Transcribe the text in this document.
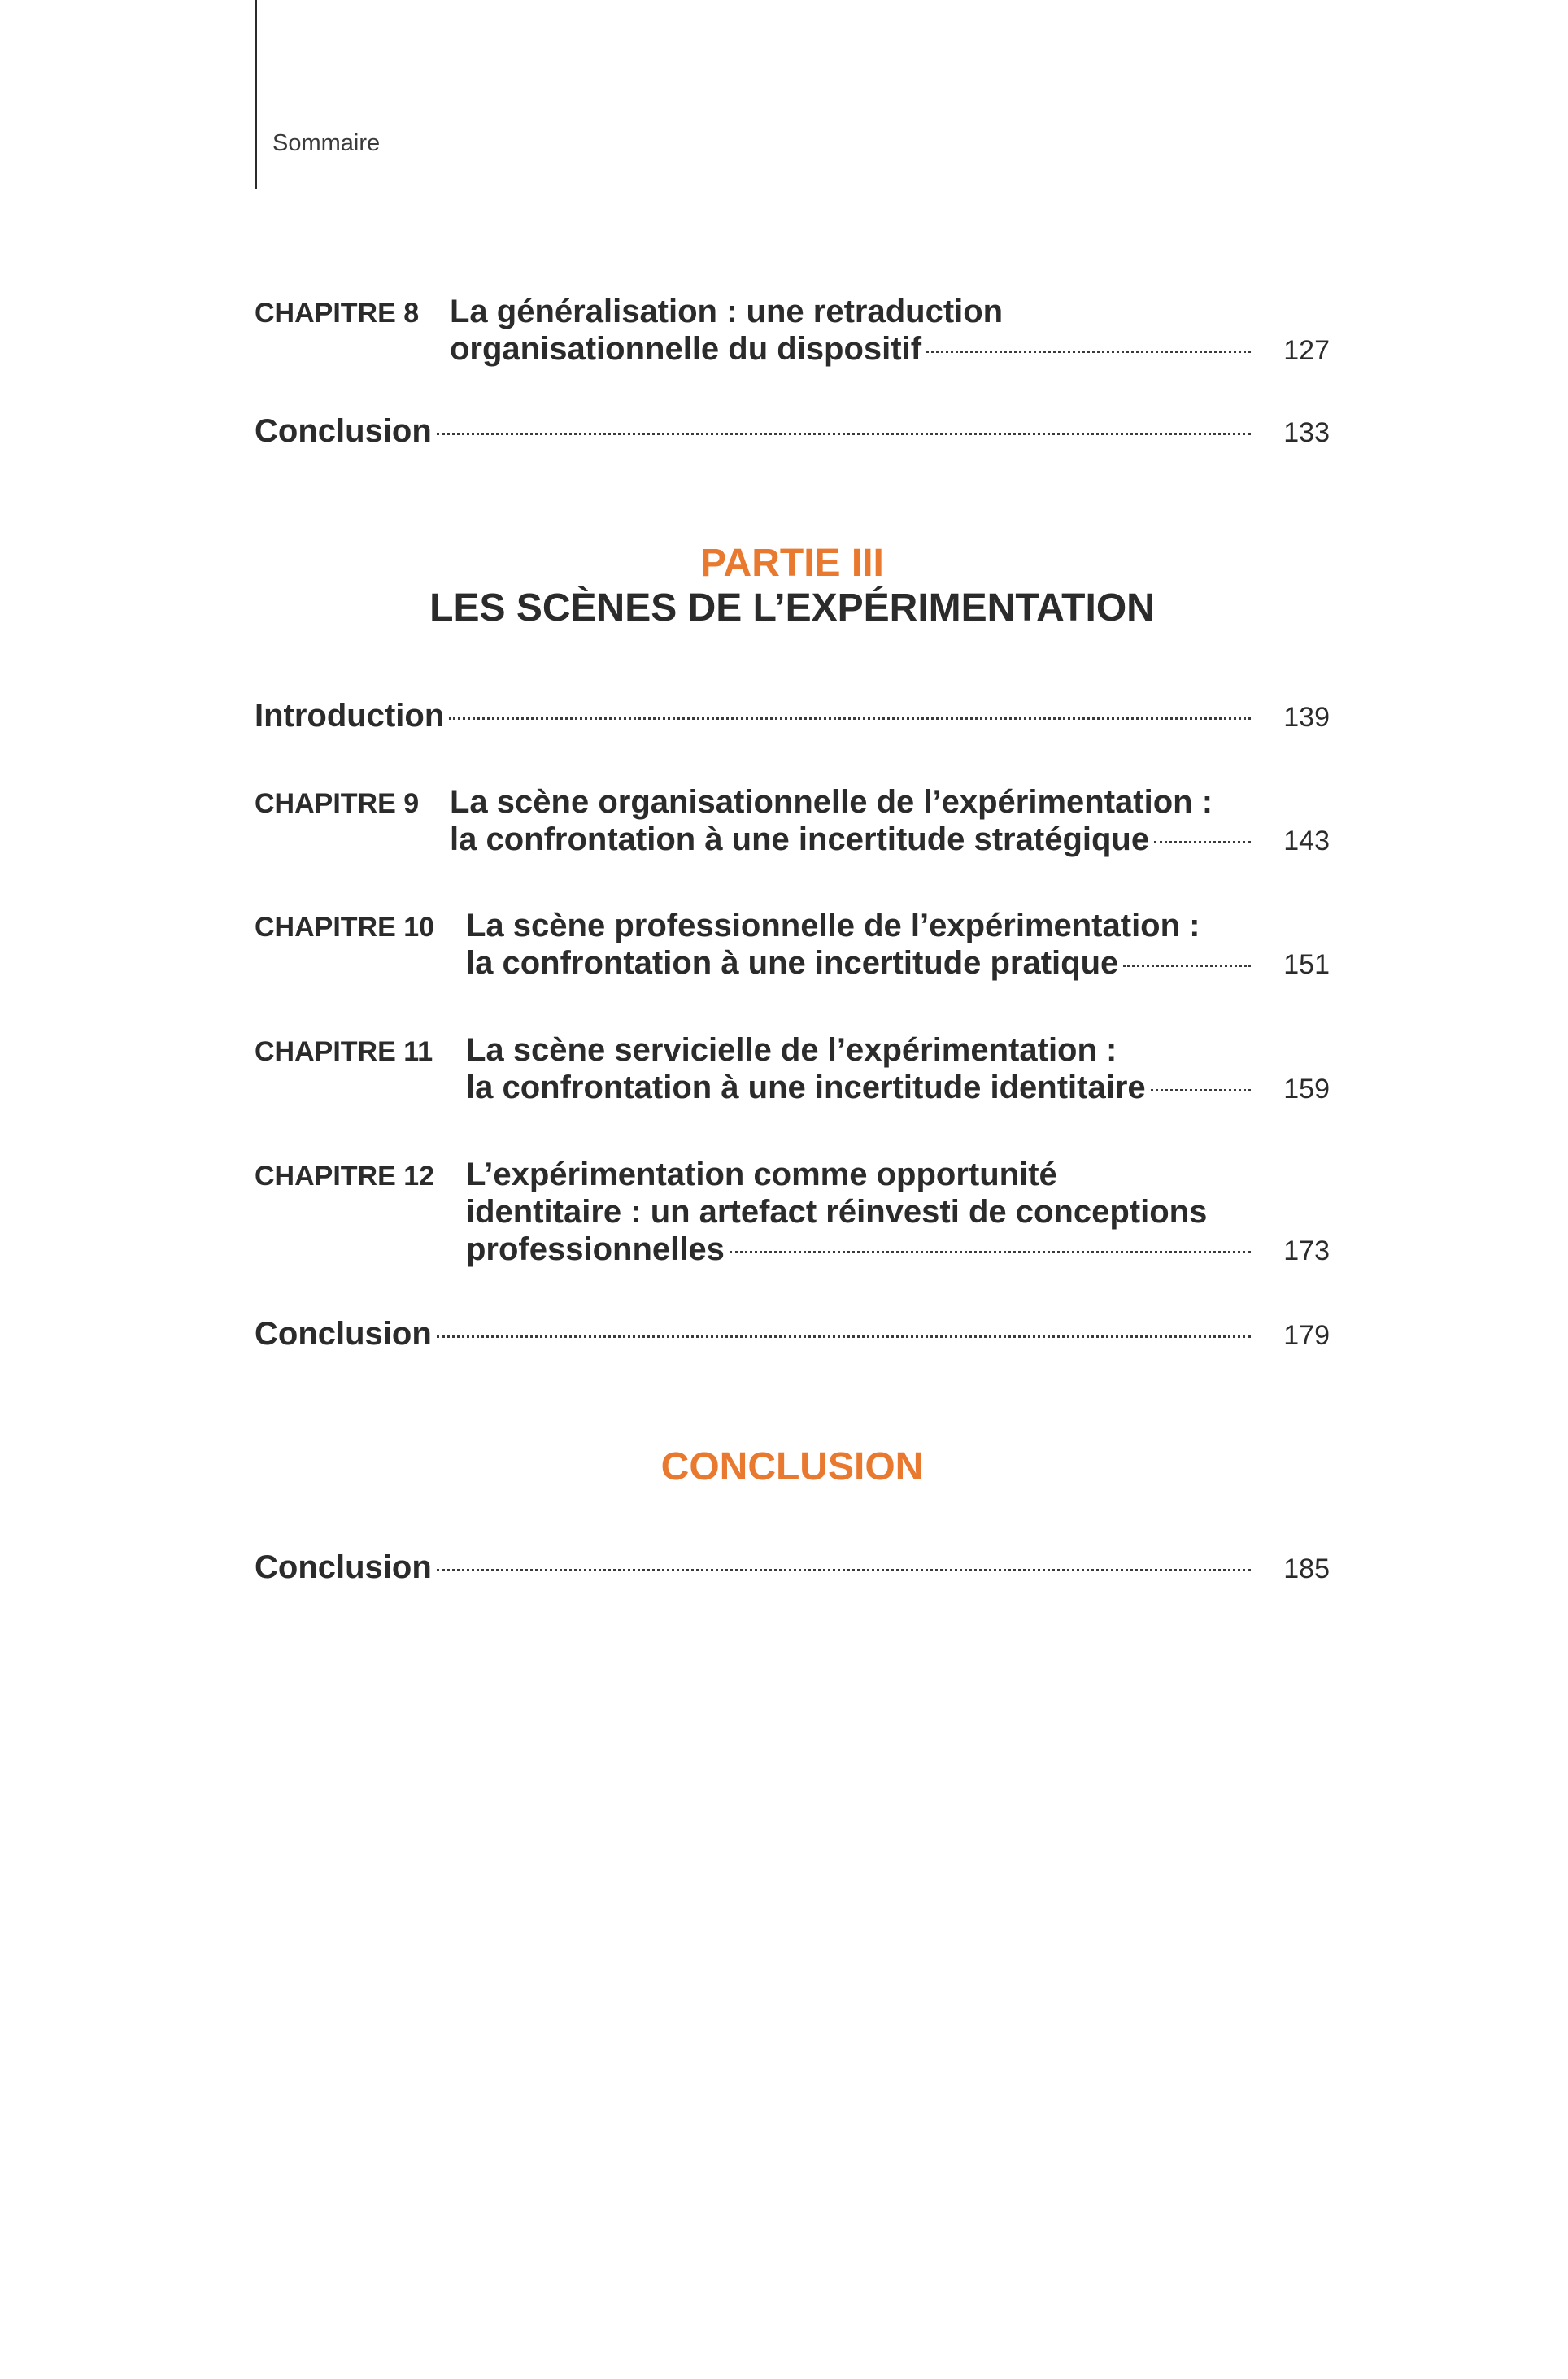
Sommaire
CHAPITRE 8 La généralisation : une retraduction
organisationnelle du dispositif	127
Conclusion	133
PARTIE III
LES SCÈNES DE L’EXPÉRIMENTATION
Introduction	139
CHAPITRE 9 La scène organisationnelle de l’expérimentation :
la confrontation à une incertitude stratégique	143
CHAPITRE 10 La scène professionnelle de l’expérimentation :
la confrontation à une incertitude pratique	151
CHAPITRE 11 La scène servicielle de l’expérimentation :
la confrontation à une incertitude identitaire	159
CHAPITRE 12 L’expérimentation comme opportunité
identitaire : un artefact réinvesti de conceptions
professionnelles	173
Conclusion	179
CONCLUSION
Conclusion	185
